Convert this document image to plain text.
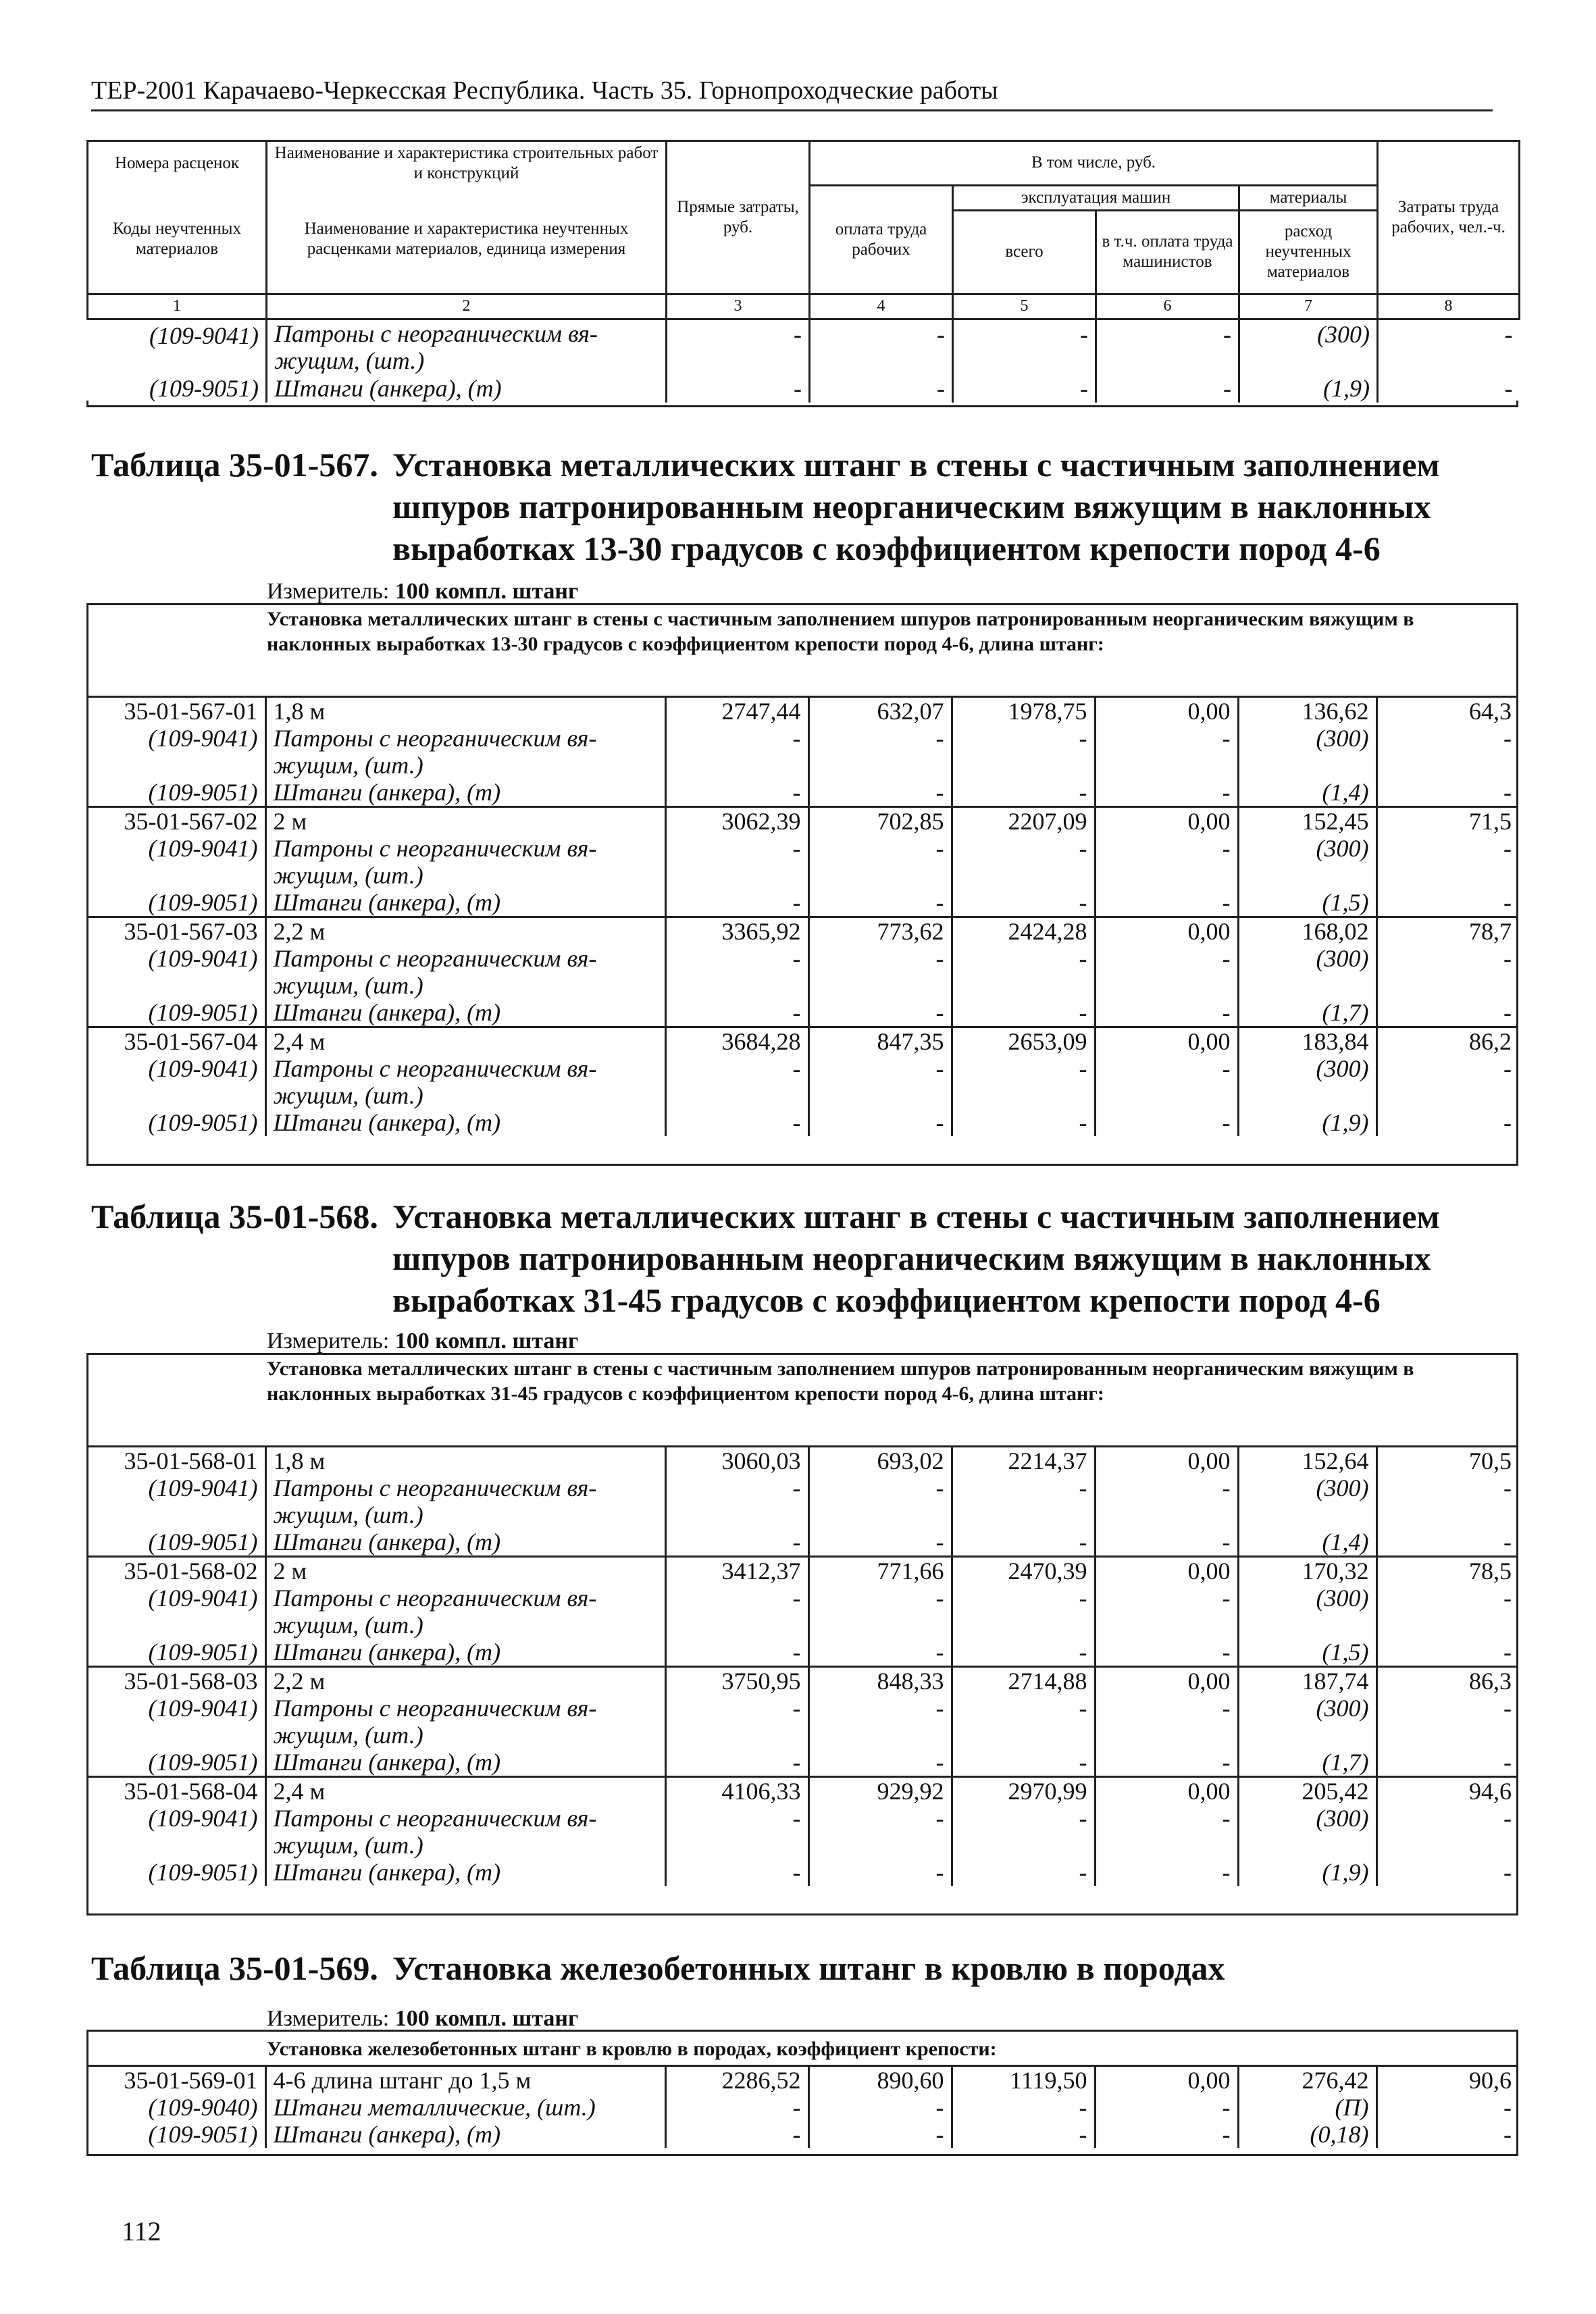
ТЕР-2001 Карачаево-Черкесская Республика. Часть 35. Горнопроходческие работы
Номера расценок	Наименование и характеристика строительных работ и конструкций	Прямые затраты, руб.	В том числе, руб.				Затраты труда рабочих, чел.-ч.
Коды неучтенных материалов	Наименование и характеристика неучтенных расценками материалов, единица измерения		оплата труда рабочих	эксплуатация машин		материалы	
				всего	в т.ч. оплата труда машинистов	расход неучтенных материалов	
1	2	3	4	5	6	7	8
(109-9041)	Патроны с неорганическим вя-
жущим, (шт.)	-	-	-	-	(300)	-
(109-9051)	Штанги (анкера), (т)	-	-	-	-	(1,9)	-
Таблица 35-01-567. Установка металлических штанг в стены с частичным заполнением шпуров патронированным неорганическим вяжущим в наклонных выработках 13-30 градусов с коэффициентом крепости пород 4-6
Измеритель: 100 компл. штанг
Установка металлических штанг в стены с частичным заполнением шпуров патронированным неорганическим вяжущим в наклонных выработках 13-30 градусов с коэффициентом крепости пород 4-6, длина штанг:
35-01-567-01	1,8 м	2747,44	632,07	1978,75	0,00	136,62	64,3
(109-9041)	Патроны с неорганическим вя-
жущим, (шт.)	-	-	-	-	(300)	-
(109-9051)	Штанги (анкера), (т)	-	-	-	-	(1,4)	-
35-01-567-02	2 м	3062,39	702,85	2207,09	0,00	152,45	71,5
(109-9041)	Патроны с неорганическим вя-
жущим, (шт.)	-	-	-	-	(300)	-
(109-9051)	Штанги (анкера), (т)	-	-	-	-	(1,5)	-
35-01-567-03	2,2 м	3365,92	773,62	2424,28	0,00	168,02	78,7
(109-9041)	Патроны с неорганическим вя-
жущим, (шт.)	-	-	-	-	(300)	-
(109-9051)	Штанги (анкера), (т)	-	-	-	-	(1,7)	-
35-01-567-04	2,4 м	3684,28	847,35	2653,09	0,00	183,84	86,2
(109-9041)	Патроны с неорганическим вя-
жущим, (шт.)	-	-	-	-	(300)	-
(109-9051)	Штанги (анкера), (т)	-	-	-	-	(1,9)	-
Таблица 35-01-568. Установка металлических штанг в стены с частичным заполнением шпуров патронированным неорганическим вяжущим в наклонных выработках 31-45 градусов с коэффициентом крепости пород 4-6
Измеритель: 100 компл. штанг
Установка металлических штанг в стены с частичным заполнением шпуров патронированным неорганическим вяжущим в наклонных выработках 31-45 градусов с коэффициентом крепости пород 4-6, длина штанг:
35-01-568-01	1,8 м	3060,03	693,02	2214,37	0,00	152,64	70,5
(109-9041)	Патроны с неорганическим вя-
жущим, (шт.)	-	-	-	-	(300)	-
(109-9051)	Штанги (анкера), (т)	-	-	-	-	(1,4)	-
35-01-568-02	2 м	3412,37	771,66	2470,39	0,00	170,32	78,5
(109-9041)	Патроны с неорганическим вя-
жущим, (шт.)	-	-	-	-	(300)	-
(109-9051)	Штанги (анкера), (т)	-	-	-	-	(1,5)	-
35-01-568-03	2,2 м	3750,95	848,33	2714,88	0,00	187,74	86,3
(109-9041)	Патроны с неорганическим вя-
жущим, (шт.)	-	-	-	-	(300)	-
(109-9051)	Штанги (анкера), (т)	-	-	-	-	(1,7)	-
35-01-568-04	2,4 м	4106,33	929,92	2970,99	0,00	205,42	94,6
(109-9041)	Патроны с неорганическим вя-
жущим, (шт.)	-	-	-	-	(300)	-
(109-9051)	Штанги (анкера), (т)	-	-	-	-	(1,9)	-
Таблица 35-01-569. Установка железобетонных штанг в кровлю в породах
Измеритель: 100 компл. штанг
Установка железобетонных штанг в кровлю в породах, коэффициент крепости:
35-01-569-01	4-6 длина штанг до 1,5 м	2286,52	890,60	1119,50	0,00	276,42	90,6
(109-9040)	Штанги металлические, (шт.)	-	-	-	-	(П)	-
(109-9051)	Штанги (анкера), (т)	-	-	-	-	(0,18)	-
112
